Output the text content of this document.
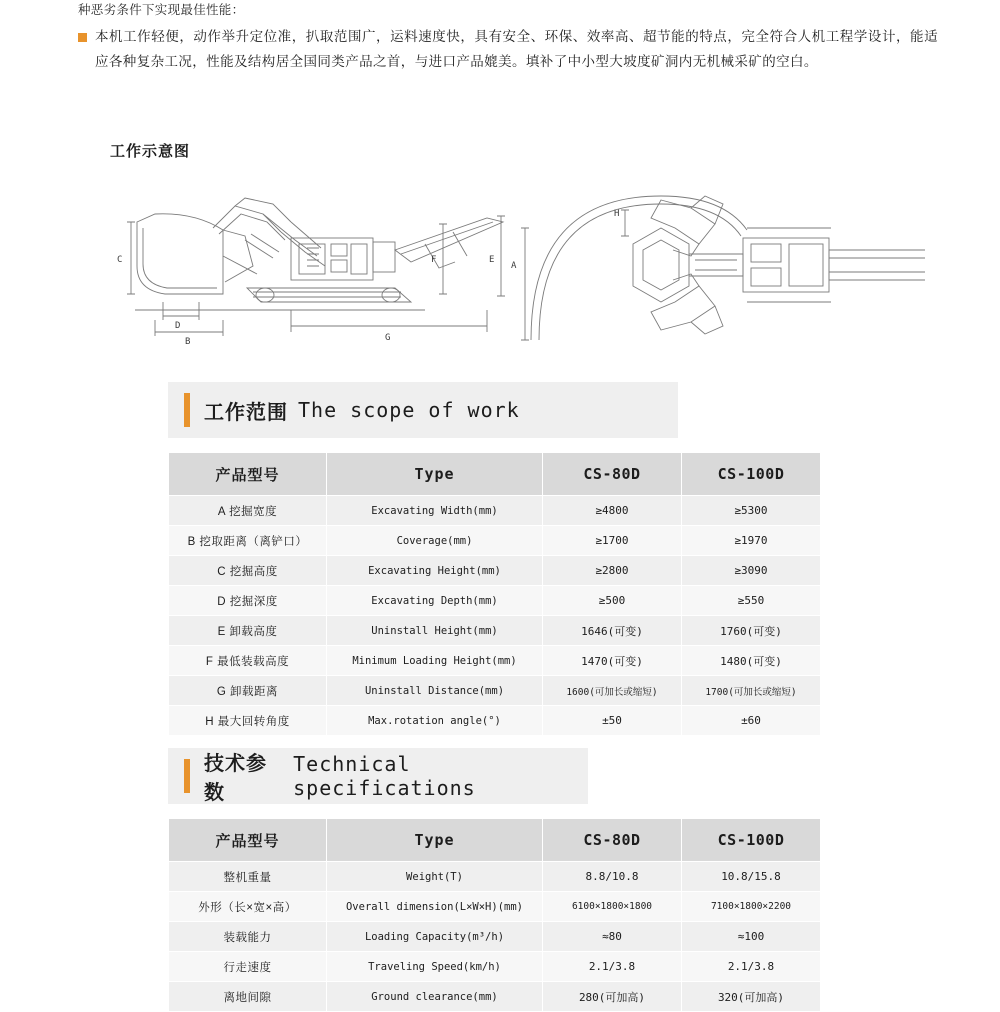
种恶劣条件下实现最佳性能：

本机工作轻便，动作举升定位准，扒取范围广，运料速度快，具有安全、环保、效率高、超节能的特点，完全符合人机工程学设计，能适应各种复杂工况，性能及结构居全国同类产品之首，与进口产品媲美。填补了中小型大坡度矿洞内无机械采矿的空白。
工作示意图
C
D
B
F	E
G
H
A
工作范围 The scope of work
产品型号	Type	CS-80D	CS-100D
A 挖掘宽度	Excavating Width(mm)	≥4800	≥5300
B 挖取距离（离铲口）	Coverage(mm)	≥1700	≥1970
C 挖掘高度	Excavating Height(mm)	≥2800	≥3090
D 挖掘深度	Excavating Depth(mm)	≥500	≥550
E 卸载高度	Uninstall Height(mm)	1646(可变)	1760(可变)
F 最低装载高度	Minimum Loading Height(mm)	1470(可变)	1480(可变)
G 卸载距离	Uninstall Distance(mm)	1600(可加长或缩短)	1700(可加长或缩短)
H 最大回转角度	Max.rotation angle(°)	±50	±60
技术参数
Technical specifications
产品型号	Type	CS-80D	CS-100D
整机重量	Weight(T)	8.8/10.8	10.8/15.8
外形（长×宽×高）	Overall dimension(L×W×H)(mm)	6100×1800×1800	7100×1800×2200
装载能力	Loading Capacity(m³/h)	≈80	≈100
行走速度	Traveling Speed(km/h)	2.1/3.8	2.1/3.8
离地间隙	Ground clearance(mm)	280(可加高)	320(可加高)
